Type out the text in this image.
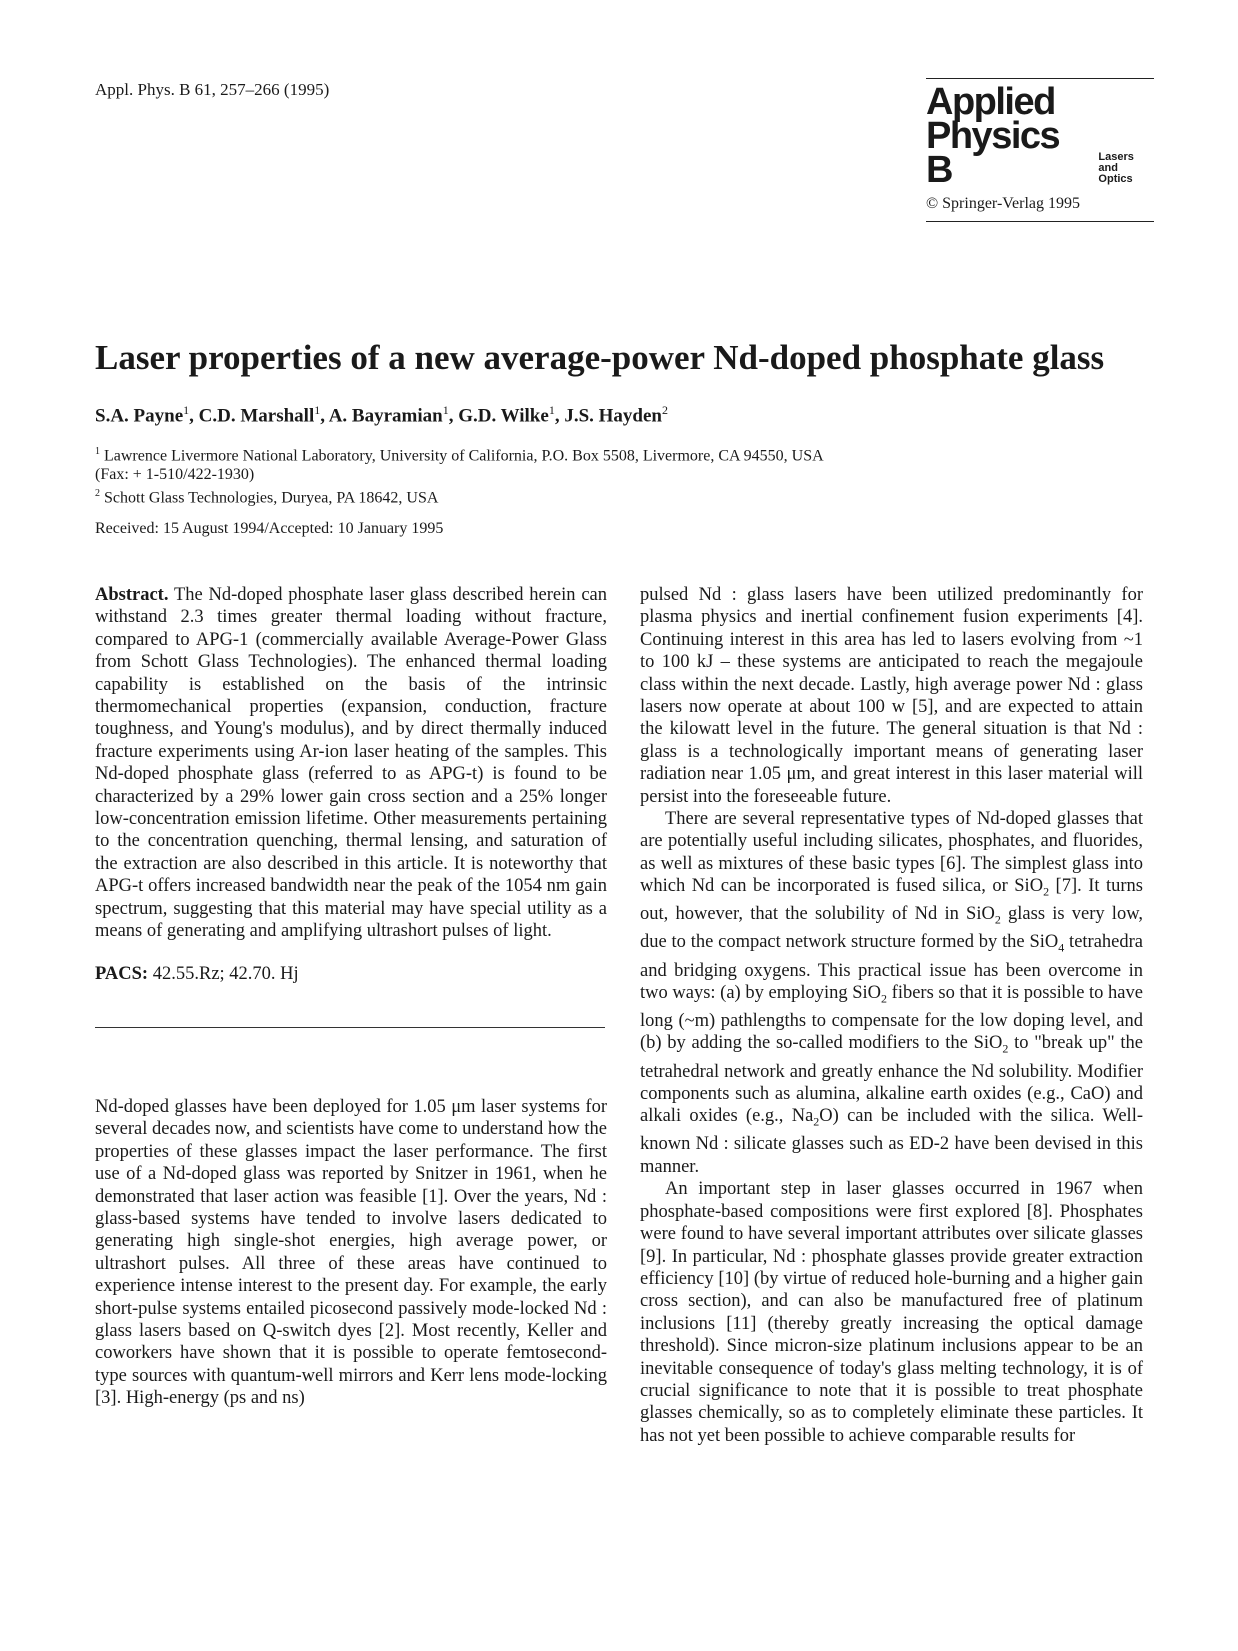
Appl. Phys. B 61, 257–266 (1995)	Applied
Physics B	Lasers
and Optics
© Springer-Verlag 1995
Laser properties of a new average-power Nd-doped phosphate glass
S.A. Payne$^1$, C.D. Marshall$^1$, A. Bayramian$^1$, G.D. Wilke$^1$, J.S. Hayden$^2$
$^1$ Lawrence Livermore National Laboratory, University of California, P.O. Box 5508, Livermore, CA 94550, USA
(Fax: + 1-510/422-1930)
$^2$ Schott Glass Technologies, Duryea, PA 18642, USA
Received: 15 August 1994/Accepted: 10 January 1995

Abstract. The Nd-doped phosphate laser glass described herein can withstand 2.3 times greater thermal loading without fracture, compared to APG-1 (commercially available Average-Power Glass from Schott Glass Technologies). The enhanced thermal loading capability is established on the basis of the intrinsic thermomechanical properties (expansion, conduction, fracture toughness, and Young's modulus), and by direct thermally induced fracture experiments using Ar-ion laser heating of the samples. This Nd-doped phosphate glass (referred to as APG-t) is found to be characterized by a 29% lower gain cross section and a 25% longer low-concentration emission lifetime. Other measurements pertaining to the concentration quenching, thermal lensing, and saturation of the extraction are also described in this article. It is noteworthy that APG-t offers increased bandwidth near the peak of the 1054 nm gain spectrum, suggesting that this material may have special utility as a means of generating and amplifying ultrashort pulses of light.

PACS: 42.55.Rz; 42.70. Hj

Nd-doped glasses have been deployed for 1.05 μm laser systems for several decades now, and scientists have come to understand how the properties of these glasses impact the laser performance. The first use of a Nd-doped glass was reported by Snitzer in 1961, when he demonstrated that laser action was feasible [1]. Over the years, Nd : glass-based systems have tended to involve lasers dedicated to generating high single-shot energies, high average power, or ultrashort pulses. All three of these areas have continued to experience intense interest to the present day. For example, the early short-pulse systems entailed picosecond passively mode-locked Nd : glass lasers based on Q-switch dyes [2]. Most recently, Keller and coworkers have shown that it is possible to operate femtosecond-type sources with quantum-well mirrors and Kerr lens mode-locking [3]. High-energy (ps and ns)

pulsed Nd : glass lasers have been utilized predominantly for plasma physics and inertial confinement fusion experiments [4]. Continuing interest in this area has led to lasers evolving from ~1 to 100 kJ – these systems are anticipated to reach the megajoule class within the next decade. Lastly, high average power Nd : glass lasers now operate at about 100 w [5], and are expected to attain the kilowatt level in the future. The general situation is that Nd : glass is a technologically important means of generating laser radiation near 1.05 μm, and great interest in this laser material will persist into the foreseeable future.

There are several representative types of Nd-doped glasses that are potentially useful including silicates, phosphates, and fluorides, as well as mixtures of these basic types [6]. The simplest glass into which Nd can be incorporated is fused silica, or SiO$_2$ [7]. It turns out, however, that the solubility of Nd in SiO$_2$ glass is very low, due to the compact network structure formed by the SiO$_4$ tetrahedra and bridging oxygens. This practical issue has been overcome in two ways: (a) by employing SiO$_2$ fibers so that it is possible to have long (~m) pathlengths to compensate for the low doping level, and (b) by adding the so-called modifiers to the SiO$_2$ to "break up" the tetrahedral network and greatly enhance the Nd solubility. Modifier components such as alumina, alkaline earth oxides (e.g., CaO) and alkali oxides (e.g., $Na_2O$) can be included with the silica. Well-known Nd : silicate glasses such as ED-2 have been devised in this manner.

An important step in laser glasses occurred in 1967 when phosphate-based compositions were first explored [8]. Phosphates were found to have several important attributes over silicate glasses [9]. In particular, Nd : phosphate glasses provide greater extraction efficiency [10] (by virtue of reduced hole-burning and a higher gain cross section), and can also be manufactured free of platinum inclusions [11] (thereby greatly increasing the optical damage threshold). Since micron-size platinum inclusions appear to be an inevitable consequence of today's glass melting technology, it is of crucial significance to note that it is possible to treat phosphate glasses chemically, so as to completely eliminate these particles. It has not yet been possible to achieve comparable results for
